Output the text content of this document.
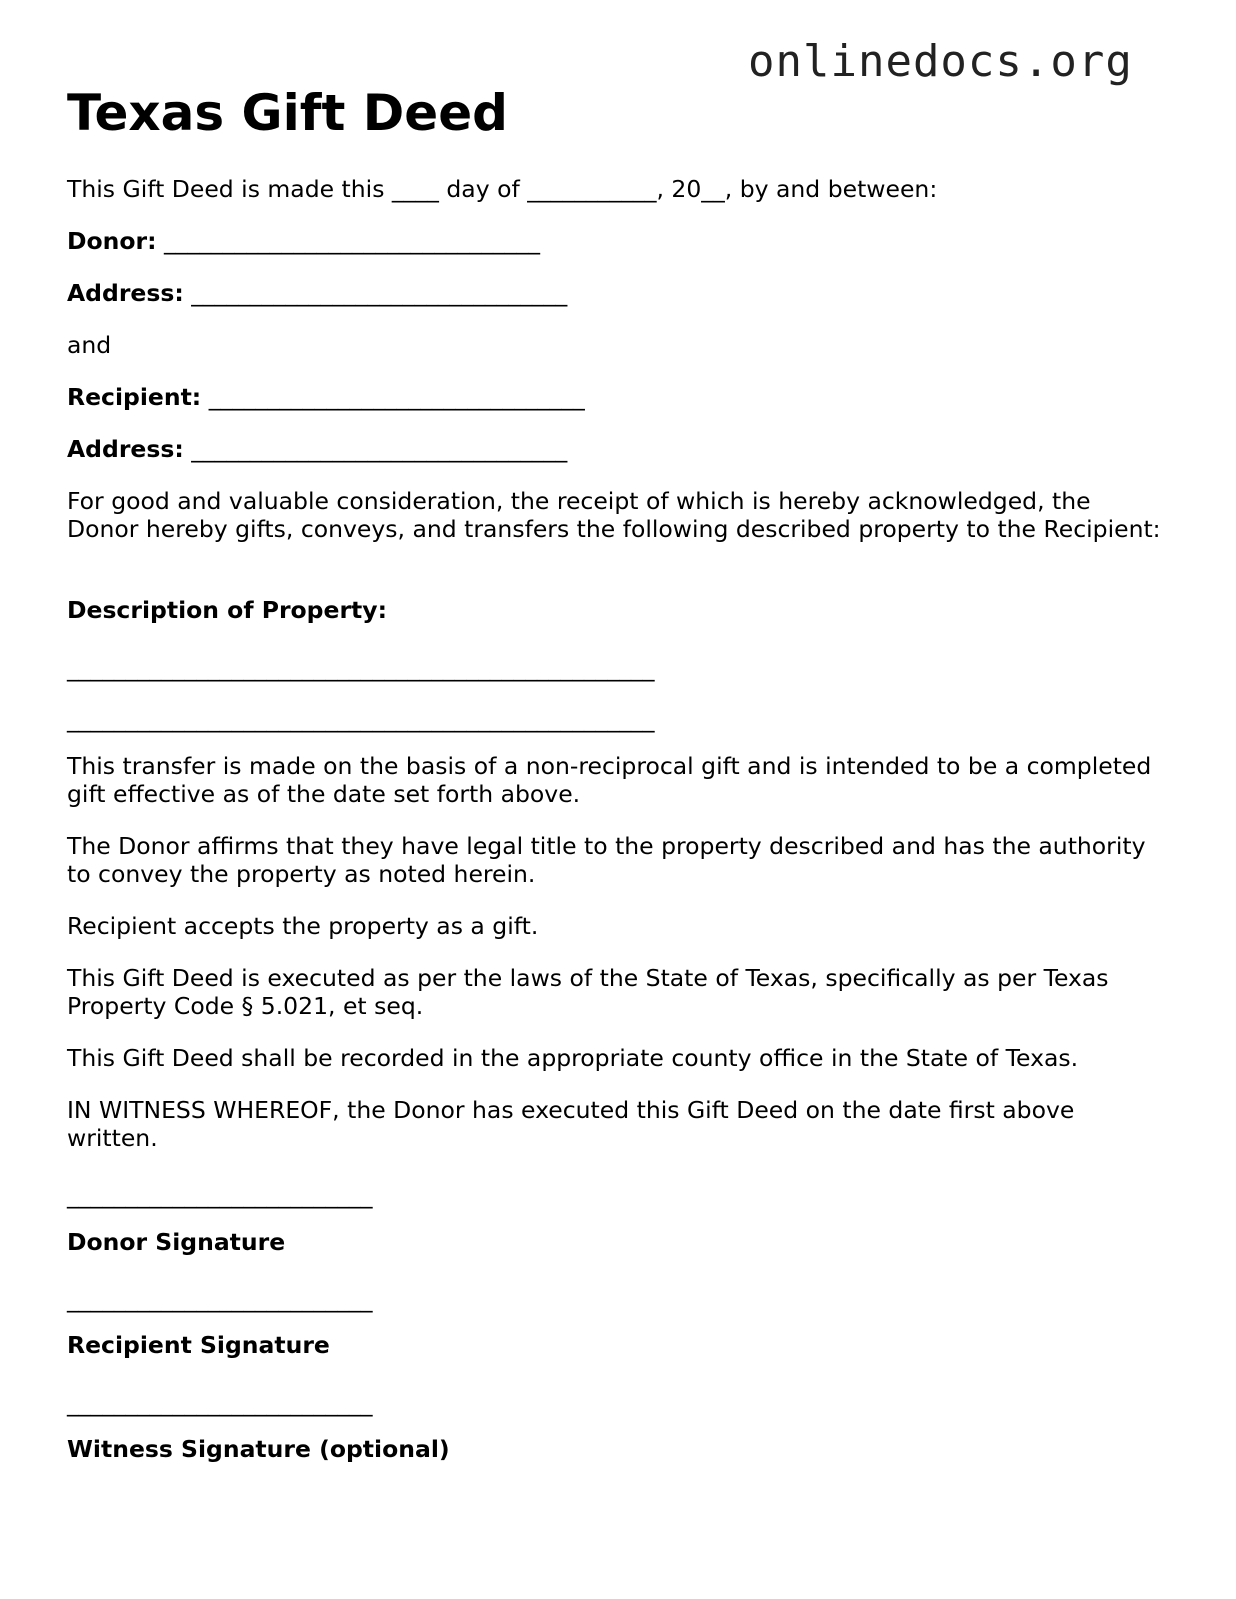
onlinedocs.org
Texas Gift Deed
This Gift Deed is made this ____ day of ___________, 20__, by and between:
Donor: ________________________________
Address: ________________________________
and
Recipient: ________________________________
Address: ________________________________
For good and valuable consideration, the receipt of which is hereby acknowledged, the Donor hereby gifts, conveys, and transfers the following described property to the Recipient:
Description of Property:
__________________________________________________
__________________________________________________
This transfer is made on the basis of a non-reciprocal gift and is intended to be a completed gift effective as of the date set forth above.
The Donor affirms that they have legal title to the property described and has the authority to convey the property as noted herein.
Recipient accepts the property as a gift.
This Gift Deed is executed as per the laws of the State of Texas, specifically as per Texas Property Code § 5.021, et seq.
This Gift Deed shall be recorded in the appropriate county office in the State of Texas.
IN WITNESS WHEREOF, the Donor has executed this Gift Deed on the date first above written.
__________________________
Donor Signature
__________________________
Recipient Signature
__________________________
Witness Signature (optional)
